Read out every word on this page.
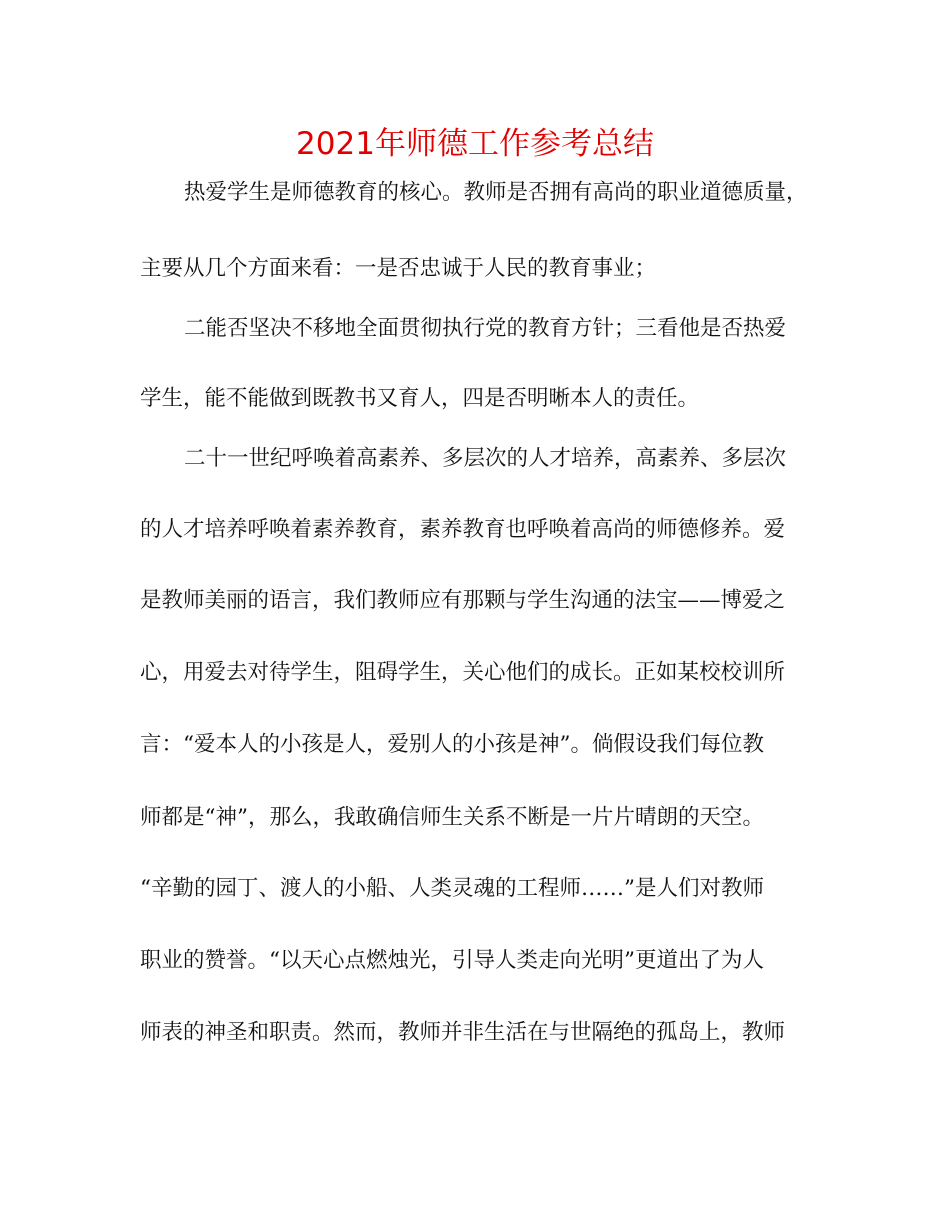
2021年师德工作参考总结
热爱学生是师德教育的核心。教师是否拥有高尚的职业道德质量，
主要从几个方面来看：一是否忠诚于人民的教育事业；
二能否坚决不移地全面贯彻执行党的教育方针；三看他是否热爱
学生，能不能做到既教书又育人，四是否明晰本人的责任。
二十一世纪呼唤着高素养、多层次的人才培养，高素养、多层次
的人才培养呼唤着素养教育，素养教育也呼唤着高尚的师德修养。爱
是教师美丽的语言，我们教师应有那颗与学生沟通的法宝——博爱之
心，用爱去对待学生，阻碍学生，关心他们的成长。正如某校校训所
言：“爱本人的小孩是人，爱别人的小孩是神”。倘假设我们每位教
师都是“神”，那么，我敢确信师生关系不断是一片片晴朗的天空。
“辛勤的园丁、渡人的小船、人类灵魂的工程师……”是人们对教师
职业的赞誉。“以天心点燃烛光，引导人类走向光明”更道出了为人
师表的神圣和职责。然而，教师并非生活在与世隔绝的孤岛上，教师
